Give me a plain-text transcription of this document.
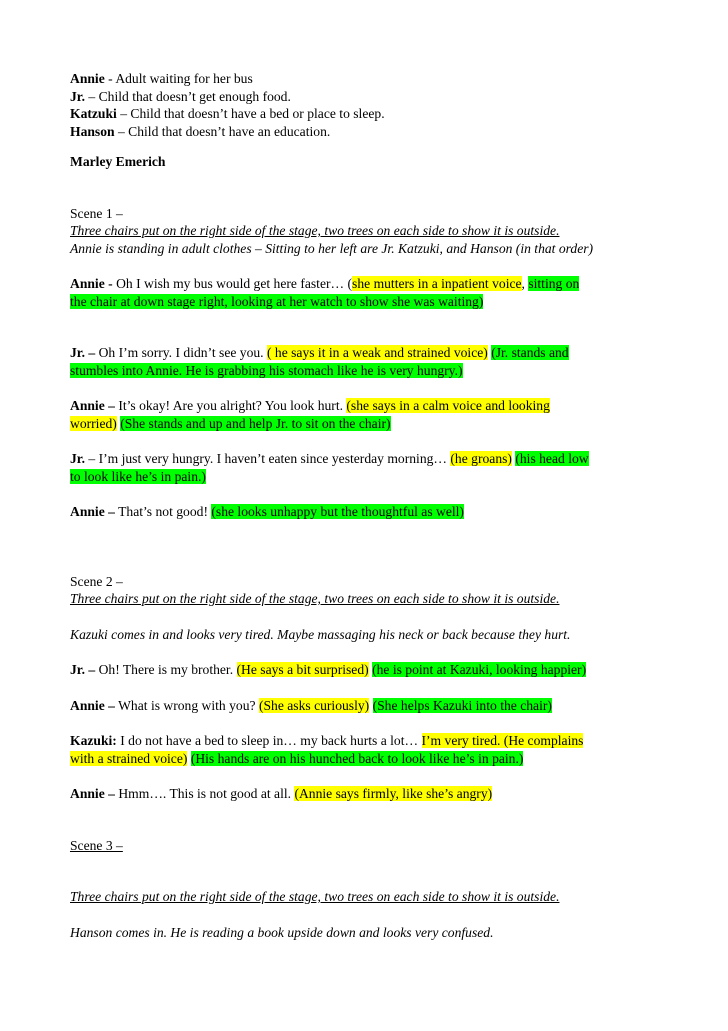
Annie - Adult waiting for her bus
Jr. – Child that doesn’t get enough food.
Katzuki – Child that doesn’t have a bed or place to sleep.
Hanson – Child that doesn’t have an education.
Marley Emerich
Scene 1 –
Three chairs put on the right side of the stage, two trees on each side to show it is outside.
Annie is standing in adult clothes – Sitting to her left are Jr. Katzuki, and Hanson (in that order)
Annie - Oh I wish my bus would get here faster… (she mutters in a inpatient voice, sitting on
the chair at down stage right, looking at her watch to show she was waiting)
Jr. – Oh I’m sorry. I didn’t see you. ( he says it in a weak and strained voice) (Jr. stands and
stumbles into Annie. He is grabbing his stomach like he is very hungry.)
Annie – It’s okay! Are you alright? You look hurt. (she says in a calm voice and looking
worried) (She stands and up and help Jr. to sit on the chair)
Jr. – I’m just very hungry. I haven’t eaten since yesterday morning… (he groans) (his head low
to look like he’s in pain.)
Annie – That’s not good! (she looks unhappy but the thoughtful as well)
Scene 2 –
Three chairs put on the right side of the stage, two trees on each side to show it is outside.
Kazuki comes in and looks very tired. Maybe massaging his neck or back because they hurt.
Jr. – Oh! There is my brother. (He says a bit surprised) (he is point at Kazuki, looking happier)
Annie – What is wrong with you? (She asks curiously) (She helps Kazuki into the chair)
Kazuki: I do not have a bed to sleep in… my back hurts a lot… I’m very tired. (He complains
with a strained voice) (His hands are on his hunched back to look like he’s in pain.)
Annie – Hmm…. This is not good at all. (Annie says firmly, like she’s angry)
Scene 3 –
Three chairs put on the right side of the stage, two trees on each side to show it is outside.
Hanson comes in. He is reading a book upside down and looks very confused.
